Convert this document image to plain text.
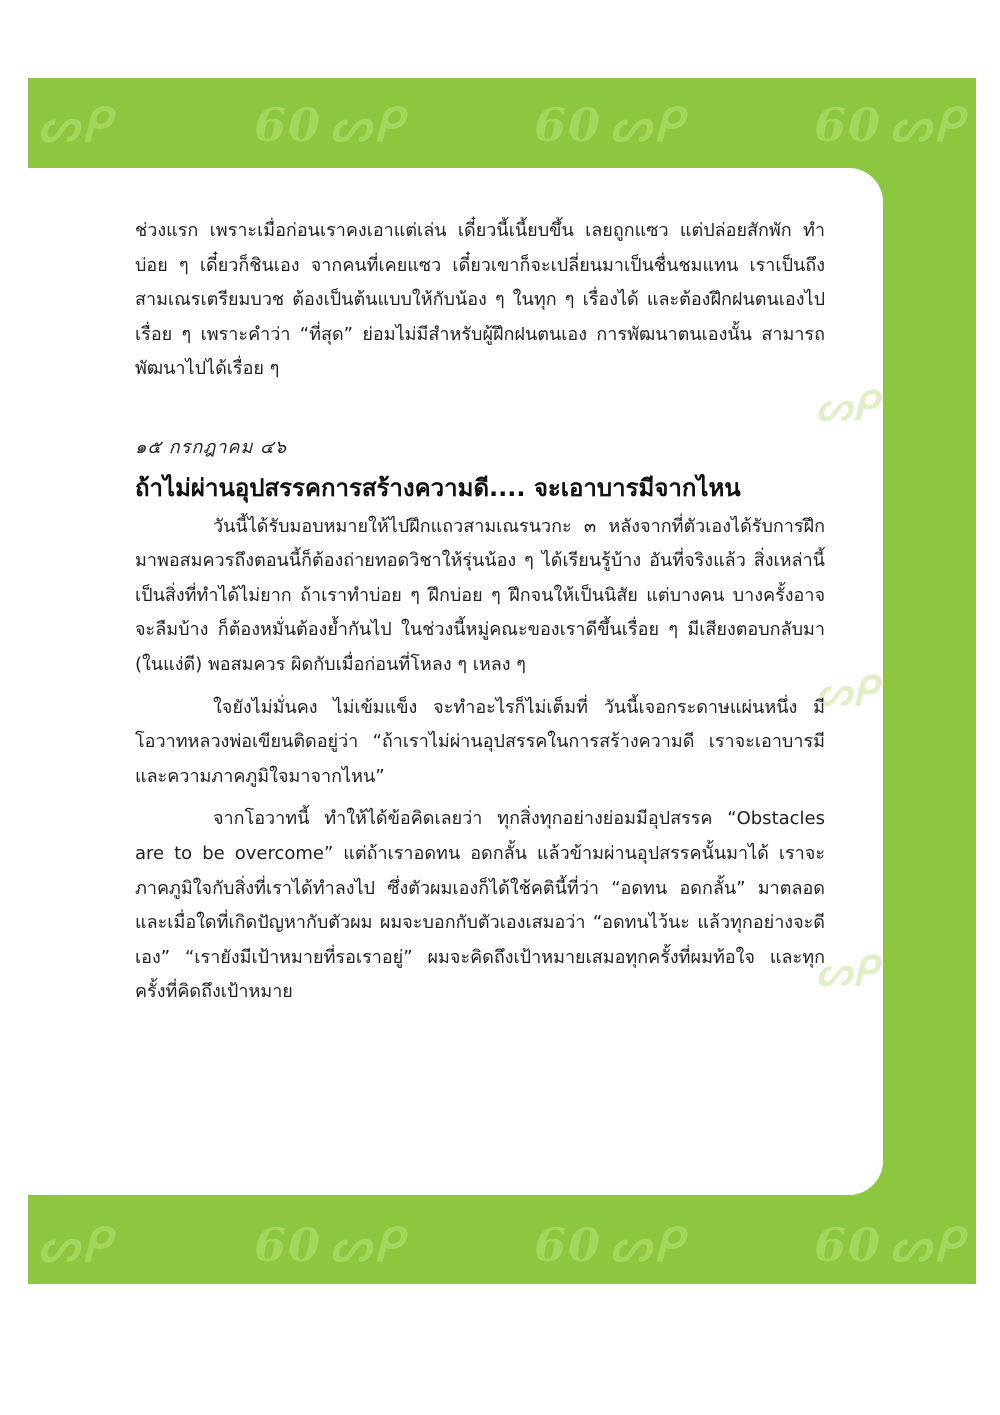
ᔕᑭ	60 ᔕᑭ	60 ᔕᑭ	60 ᔕᑭ
ᔕᑭ	60 ᔕᑭ	60 ᔕᑭ	60 ᔕᑭ
ᔕᑭ
ᔕᑭ
ᔕᑭ

ช่วงแรก เพราะเมื่อก่อนเราคงเอาแต่เล่น เดี๋ยวนี้เนี้ยบขึ้น เลยถูกแซว แต่ปล่อยสักพัก ทำบ่อย ๆ เดี๋ยวก็ชินเอง จากคนที่เคยแซว เดี๋ยวเขาก็จะเปลี่ยนมาเป็นชื่นชมแทน เราเป็นถึงสามเณรเตรียมบวช ต้องเป็นต้นแบบให้กับน้อง ๆ ในทุก ๆ เรื่องได้ และต้องฝึกฝนตนเองไปเรื่อย ๆ เพราะคำว่า “ที่สุด” ย่อมไม่มีสำหรับผู้ฝึกฝนตนเอง การพัฒนาตนเองนั้น สามารถพัฒนาไปได้เรื่อย ๆ

๑๕ กรกฎาคม ๔๖

ถ้าไม่ผ่านอุปสรรคการสร้างความดี.... จะเอาบารมีจากไหน

วันนี้ได้รับมอบหมายให้ไปฝึกแถวสามเณรนวกะ ๓ หลังจากที่ตัวเองได้รับการฝึกมาพอสมควรถึงตอนนี้ก็ต้องถ่ายทอดวิชาให้รุ่นน้อง ๆ ได้เรียนรู้บ้าง อันที่จริงแล้ว สิ่งเหล่านี้เป็นสิ่งที่ทำได้ไม่ยาก ถ้าเราทำบ่อย ๆ ฝึกบ่อย ๆ ฝึกจนให้เป็นนิสัย แต่บางคน บางครั้งอาจจะลืมบ้าง ก็ต้องหมั่นต้องย้ำกันไป ในช่วงนี้หมู่คณะของเราดีขึ้นเรื่อย ๆ มีเสียงตอบกลับมา (ในแง่ดี) พอสมควร ผิดกับเมื่อก่อนที่โหลง ๆ เหลง ๆ

ใจยังไม่มั่นคง ไม่เข้มแข็ง จะทำอะไรก็ไม่เต็มที่ วันนี้เจอกระดาษแผ่นหนึ่ง มีโอวาทหลวงพ่อเขียนติดอยู่ว่า “ถ้าเราไม่ผ่านอุปสรรคในการสร้างความดี เราจะเอาบารมี และความภาคภูมิใจมาจากไหน”

จากโอวาทนี้ ทำให้ได้ข้อคิดเลยว่า ทุกสิ่งทุกอย่างย่อมมีอุปสรรค “Obstacles are to be overcome” แต่ถ้าเราอดทน อดกลั้น แล้วข้ามผ่านอุปสรรคนั้นมาได้ เราจะภาคภูมิใจกับสิ่งที่เราได้ทำลงไป ซึ่งตัวผมเองก็ได้ใช้คตินี้ที่ว่า “อดทน อดกลั้น” มาตลอด และเมื่อใดที่เกิดปัญหากับตัวผม ผมจะบอกกับตัวเองเสมอว่า “อดทนไว้นะ แล้วทุกอย่างจะดีเอง” “เรายังมีเป้าหมายที่รอเราอยู่” ผมจะคิดถึงเป้าหมายเสมอทุกครั้งที่ผมท้อใจ และทุกครั้งที่คิดถึงเป้าหมาย
